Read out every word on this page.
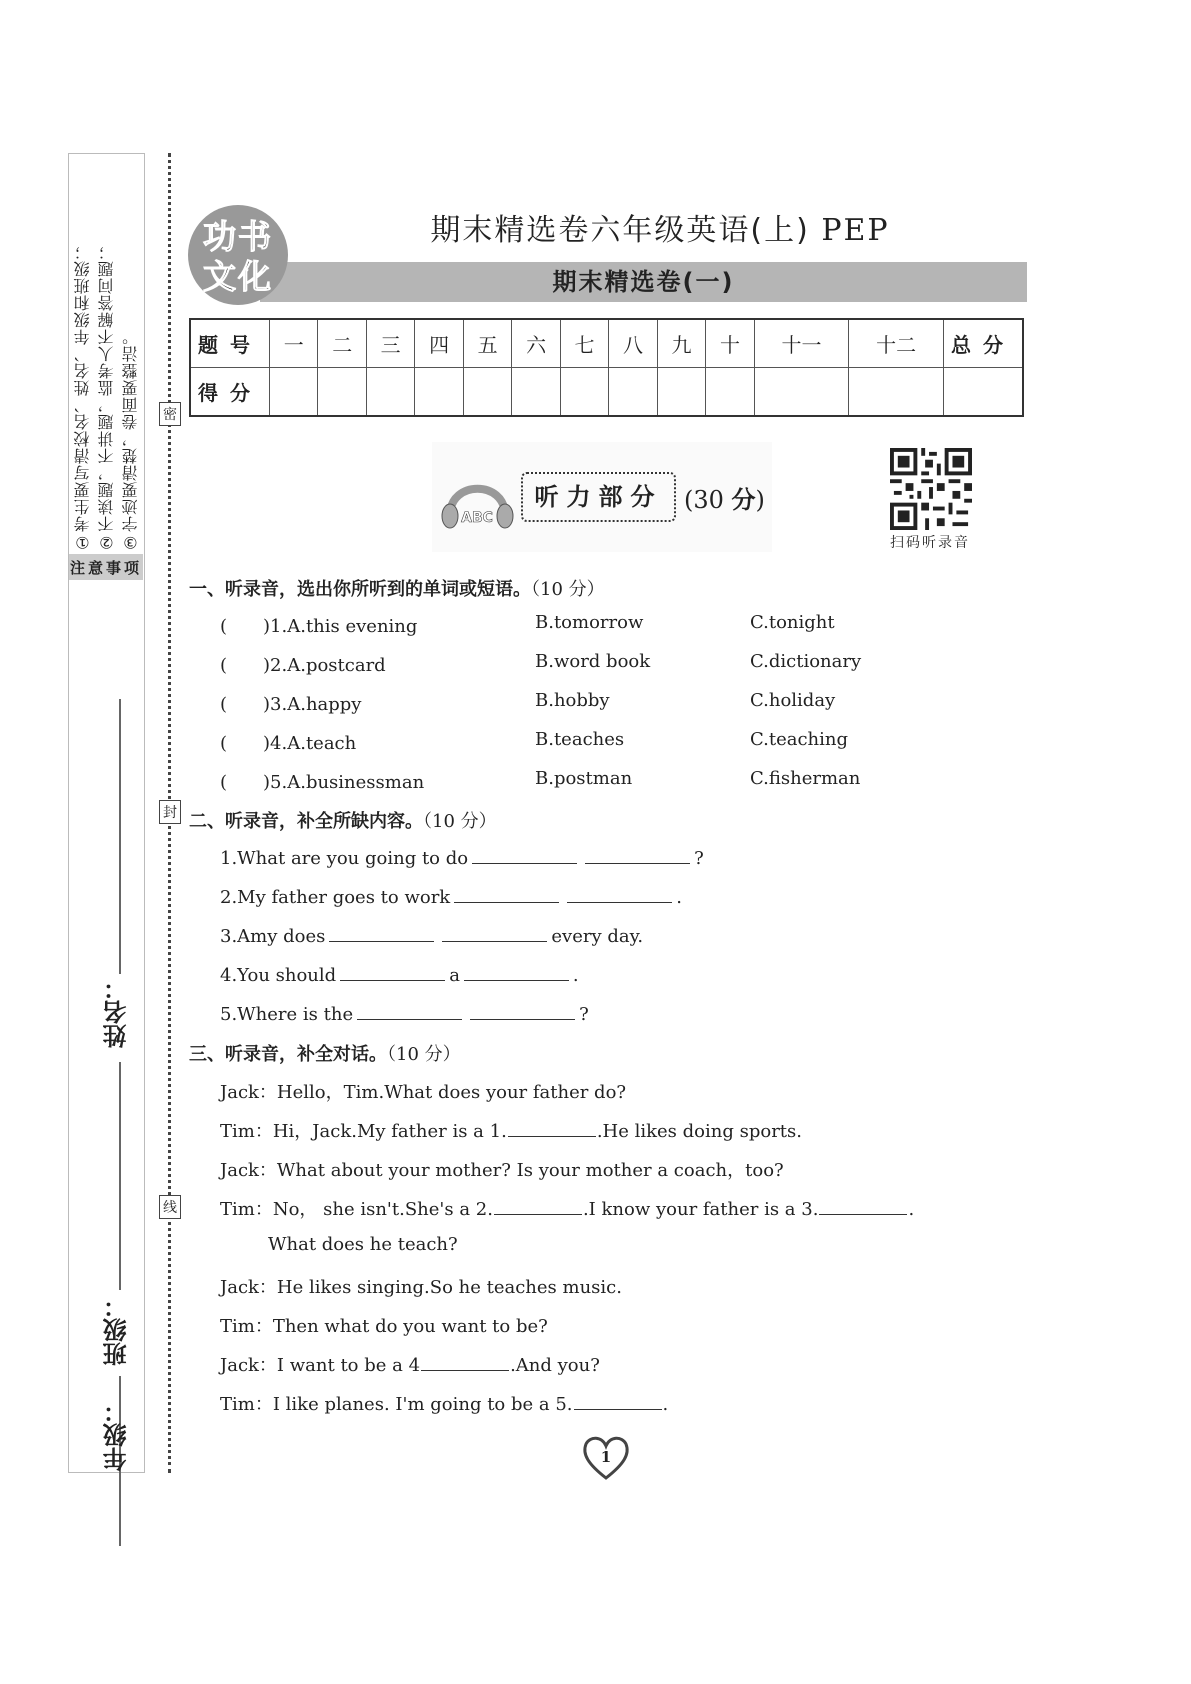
①考生要写清校名、姓名、年级和班级； ②不读题，不讲题，监考人不解答问题； ③字迹要清楚，卷面要整洁。
注意事项
姓名：
班级：
年级：
密
封
线
功书
文化
期末精选卷六年级英语(上) PEP
期末精选卷(一)
题号	一	二	三	四	五	六	七	八	九	十	十一	十二	总分
得分													
ABC
听力部分 (30 分)
扫码听录音
一、听录音，选出你所听到的单词或短语。（10 分）
(　　)1.A.this evening	B.tomorrow	C.tonight
(　　)2.A.postcard	B.word book	C.dictionary
(　　)3.A.happy	B.hobby	C.holiday
(　　)4.A.teach	B.teaches	C.teaching
(　　)5.A.businessman	B.postman	C.fisherman
二、听录音，补全所缺内容。（10 分）
1.What are you going to do	?
2.My father goes to work	.
3.Amy does	every day.
4.You should	a	.
5.Where is the	?
三、听录音，补全对话。（10 分）
Jack：Hello，Tim.What does your father do?
Tim：Hi，Jack.My father is a 1.	.He likes doing sports.
Jack：What about your mother? Is your mother a coach，too?
Tim：No， she isn't.She's a 2.	.I know your father is a 3.	.
What does he teach?
Jack：He likes singing.So he teaches music.
Tim：Then what do you want to be?
Jack：I want to be a 4	.And you?
Tim：I like planes. I'm going to be a 5.	.
1
